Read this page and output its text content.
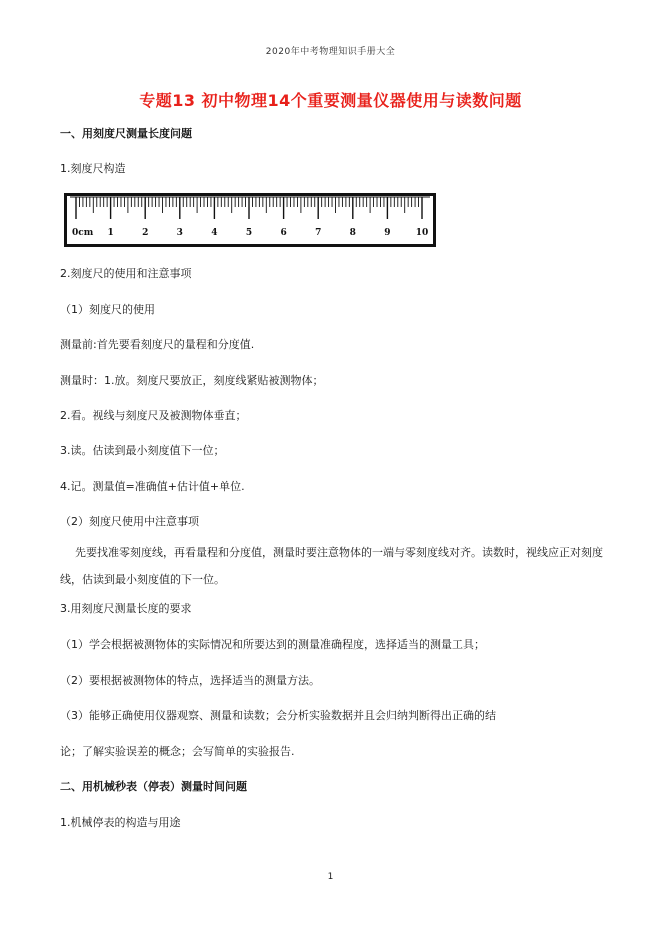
2020年中考物理知识手册大全
专题13 初中物理14个重要测量仪器使用与读数问题
一、用刻度尺测量长度问题
1.刻度尺构造
0cm 1	2	3	4	5	6	7	8	9	10
2.刻度尺的使用和注意事项
（1）刻度尺的使用
测量前:首先要看刻度尺的量程和分度值.
测量时：1.放。刻度尺要放正，刻度线紧贴被测物体；
2.看。视线与刻度尺及被测物体垂直；
3.读。估读到最小刻度值下一位；
4.记。测量值=准确值+估计值+单位.
（2）刻度尺使用中注意事项
先要找准零刻度线，再看量程和分度值，测量时要注意物体的一端与零刻度线对齐。读数时，视线应正对刻度线，估读到最小刻度值的下一位。
3.用刻度尺测量长度的要求
（1）学会根据被测物体的实际情况和所要达到的测量准确程度，选择适当的测量工具；
（2）要根据被测物体的特点，选择适当的测量方法。
（3）能够正确使用仪器观察、测量和读数；会分析实验数据并且会归纳判断得出正确的结
论；了解实验误差的概念；会写简单的实验报告.
二、用机械秒表（停表）测量时间问题
1.机械停表的构造与用途
1
